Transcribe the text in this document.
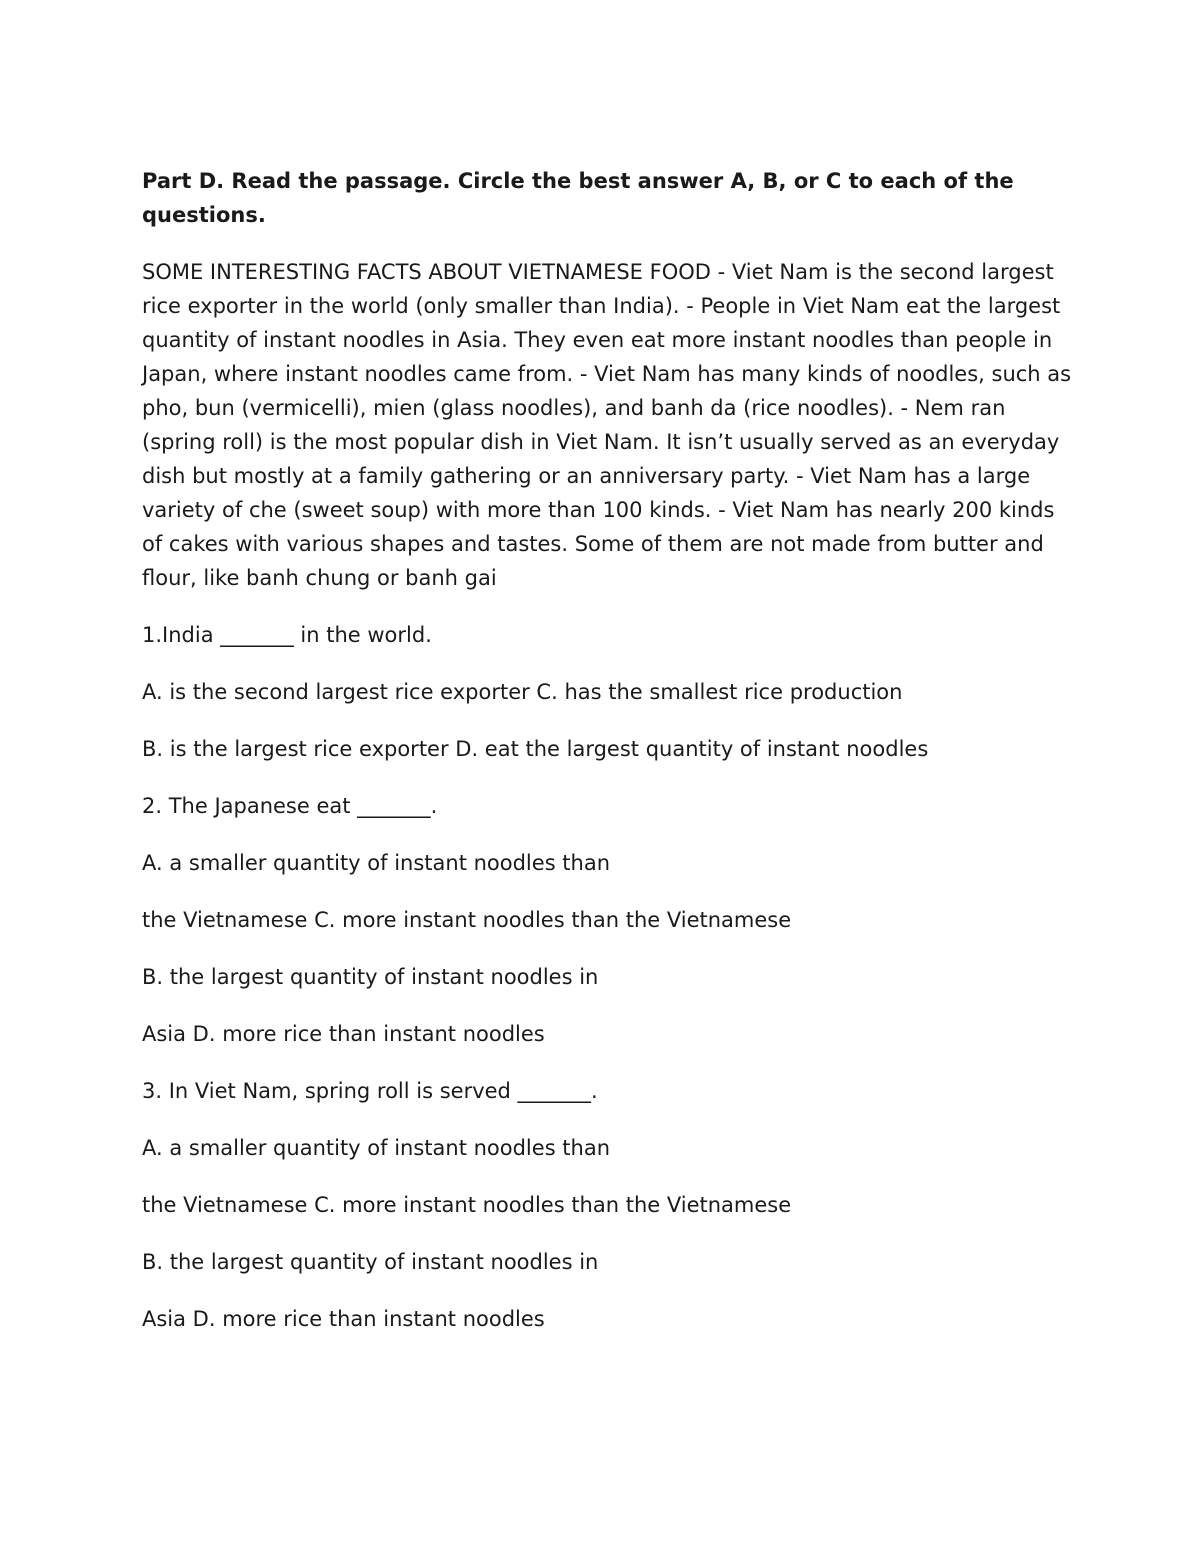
Part D. Read the passage. Circle the best answer A, B, or C to each of the questions.

SOME INTERESTING FACTS ABOUT VIETNAMESE FOOD - Viet Nam is the second largest rice exporter in the world (only smaller than India). - People in Viet Nam eat the largest quantity of instant noodles in Asia. They even eat more instant noodles than people in Japan, where instant noodles came from. - Viet Nam has many kinds of noodles, such as pho, bun (vermicelli), mien (glass noodles), and banh da (rice noodles). - Nem ran (spring roll) is the most popular dish in Viet Nam. It isn’t usually served as an everyday dish but mostly at a family gathering or an anniversary party. - Viet Nam has a large variety of che (sweet soup) with more than 100 kinds. - Viet Nam has nearly 200 kinds of cakes with various shapes and tastes. Some of them are not made from butter and flour, like banh chung or banh gai

1.India _______ in the world.

A. is the second largest rice exporter C. has the smallest rice production

B. is the largest rice exporter D. eat the largest quantity of instant noodles

2. The Japanese eat _______.

A. a smaller quantity of instant noodles than

the Vietnamese C. more instant noodles than the Vietnamese

B. the largest quantity of instant noodles in

Asia D. more rice than instant noodles

3. In Viet Nam, spring roll is served _______.

A. a smaller quantity of instant noodles than

the Vietnamese C. more instant noodles than the Vietnamese

B. the largest quantity of instant noodles in

Asia D. more rice than instant noodles
